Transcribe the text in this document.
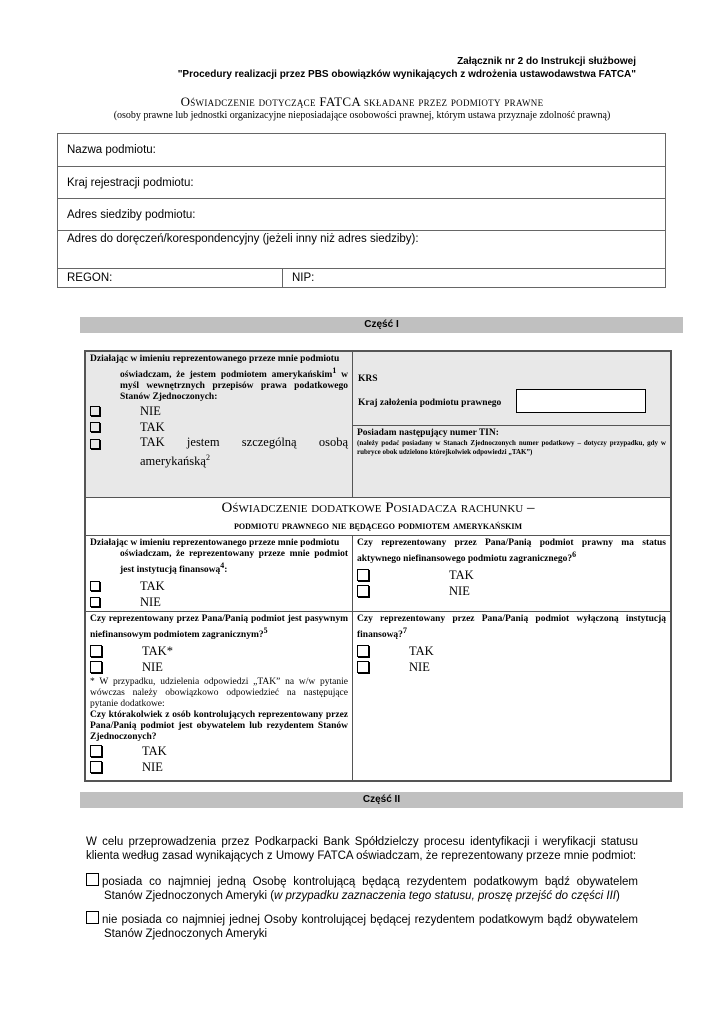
Załącznik nr 2 do Instrukcji służbowej
"Procedury realizacji przez PBS obowiązków wynikających z wdrożenia ustawodawstwa FATCA"
Oświadczenie dotyczące FATCA składane przez podmioty prawne
(osoby prawne lub jednostki organizacyjne nieposiadające osobowości prawnej, którym ustawa przyznaje zdolność prawną)
Nazwa podmiotu:
Kraj rejestracji podmiotu:
Adres siedziby podmiotu:
Adres do doręczeń/korespondencyjny (jeżeli inny niż adres siedziby):
REGON:	NIP:
Część I
Działając w imieniu reprezentowanego przeze mnie podmiotu
oświadczam, że jestem podmiotem amerykańskim$^1$ w myśl wewnętrznych przepisów prawa podatkowego Stanów Zjednoczonych:
NIE
TAK
TAK jestem szczególną osobą amerykańską$^2$
KRS
Kraj założenia podmiotu prawnego
Posiadam następujący numer TIN:
(należy podać posiadany w Stanach Zjednoczonych numer podatkowy – dotyczy przypadku, gdy w rubryce obok udzielono którejkolwiek odpowiedzi „TAK”)
Oświadczenie dodatkowe Posiadacza rachunku –
podmiotu prawnego nie będącego podmiotem amerykańskim
Działając w imieniu reprezentowanego przeze mnie podmiotu
oświadczam, że reprezentowany przeze mnie podmiot jest instytucją finansową$^4$:
TAK
NIE
Czy reprezentowany przez Pana/Panią podmiot prawny ma status aktywnego niefinansowego podmiotu zagranicznego?$^6$
TAK
NIE
Czy reprezentowany przez Pana/Panią podmiot jest pasywnym niefinansowym podmiotem zagranicznym?$^5$
TAK*
NIE
* W przypadku, udzielenia odpowiedzi „TAK” na w/w pytanie wówczas należy obowiązkowo odpowiedzieć na następujące pytanie dodatkowe:
Czy którakolwiek z osób kontrolujących reprezentowany przez Pana/Panią podmiot jest obywatelem lub rezydentem Stanów Zjednoczonych?
TAK
NIE
Czy reprezentowany przez Pana/Panią podmiot wyłączoną instytucją finansową?$^7$
TAK
NIE
Część II
W celu przeprowadzenia przez Podkarpacki Bank Spółdzielczy procesu identyfikacji i weryfikacji statusu klienta według zasad wynikających z Umowy FATCA oświadczam, że reprezentowany przeze mnie podmiot:
posiada co najmniej jedną Osobę kontrolującą będącą rezydentem podatkowym bądź obywatelem Stanów Zjednoczonych Ameryki (w przypadku zaznaczenia tego statusu, proszę przejść do części III)
nie posiada co najmniej jednej Osoby kontrolującej będącej rezydentem podatkowym bądź obywatelem Stanów Zjednoczonych Ameryki
